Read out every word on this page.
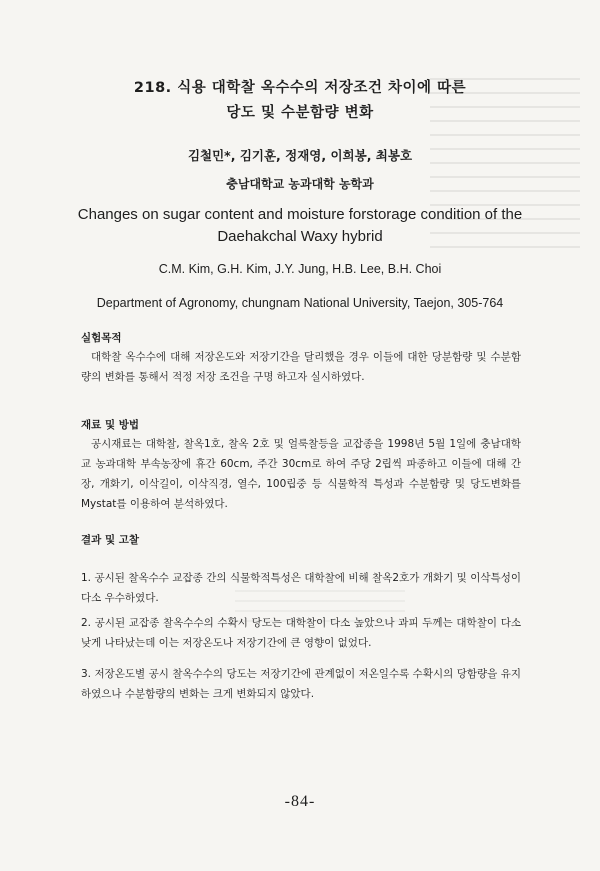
218. 식용 대학찰 옥수수의 저장조건 차이에 따른
당도 및 수분함량 변화
김철민*, 김기훈, 정재영, 이희봉, 최봉호
충남대학교 농과대학 농학과
Changes on sugar content and moisture forstorage condition of the
Daehakchal Waxy hybrid
C.M. Kim, G.H. Kim, J.Y. Jung, H.B. Lee, B.H. Choi
Department of Agronomy, chungnam National University, Taejon, 305-764
실험목적

대학찰 옥수수에 대해 저장온도와 저장기간을 달리했을 경우 이들에 대한 당분함량 및 수분함량의 변화를 통해서 적정 저장 조건을 구명 하고자 실시하였다.

재료 및 방법

공시재료는 대학찰, 찰옥1호, 찰옥 2호 및 얼룩찰등을 교잡종을 1998년 5월 1일에 충남대학교 농과대학 부속농장에 휴간 60cm, 주간 30cm로 하여 주당 2립씩 파종하고 이들에 대해 간장, 개화기, 이삭길이, 이삭직경, 열수, 100립중 등 식물학적 특성과 수분함량 및 당도변화를 Mystat를 이용하여 분석하였다.

결과 및 고찰

1. 공시된 찰옥수수 교잡종 간의 식물학적특성은 대학찰에 비해 찰옥2호가 개화기 및 이삭특성이 다소 우수하였다.

2. 공시된 교잡종 찰옥수수의 수확시 당도는 대학찰이 다소 높았으나 과피 두께는 대학찰이 다소 낮게 나타났는데 이는 저장온도나 저장기간에 큰 영향이 없었다.

3. 저장온도별 공시 찰옥수수의 당도는 저장기간에 관계없이 저온일수록 수확시의 당함량을 유지하였으나 수분함량의 변화는 크게 변화되지 않았다.

-84-
